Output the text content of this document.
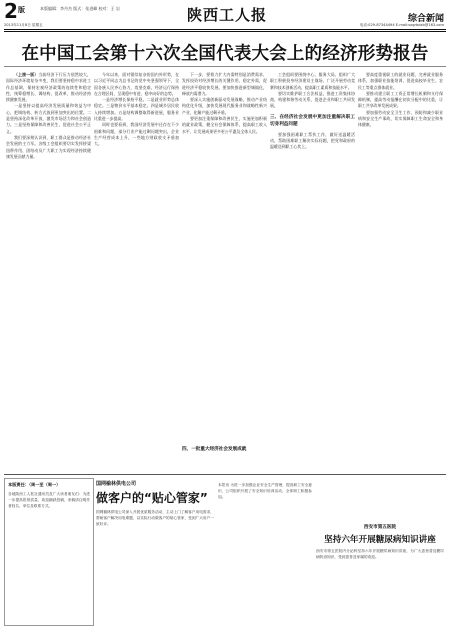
2 版	本版编辑：李丹杰 版式：张进峰 校对：王 岩
2013年11月8日 星期五
陕西工人报	综合新闻
电话:029-87344494 E-mail:sxgrbdzb@163.com
在中国工会第十六次全国代表大会上的经济形势报告

（上接一版）当前经济下行压力依然较大，国际经济环境复杂多变，我们要坚持稳中求进工作总基调，保持宏观经济政策的连续性和稳定性，统筹稳增长、调结构、促改革，推动经济持续健康发展。

一是坚持以提高经济发展质量和效益为中心，把调结构、转方式放到更加突出的位置。二是坚持深化改革开放，激发市场活力和社会创造力。三是坚持保障和改善民生，促进社会公平正义。

我们要深刻认识到，职工群众是推动经济社会发展的主力军。各级工会组织要切实发挥桥梁纽带作用，团结动员广大职工为实现经济持续健康发展贡献力量。

今年以来，面对错综复杂的国内外形势，在以习近平同志为总书记的党中央坚强领导下，全国各族人民齐心协力，攻坚克难，经济运行保持在合理区间，呈现稳中有进、稳中向好的态势。

一是经济增长保持平稳。二是就业形势总体稳定。三是物价水平基本稳定。四是城乡居民收入持续增加。五是结构调整取得新进展，服务业比重进一步提高。

同时也要看到，我国经济发展中还存在不少困难和问题，部分行业产能过剩问题突出，企业生产经营成本上升，一些地方财政收支矛盾加大。

下一步，要着力扩大内需特别是消费需求，发挥投资对经济增长的关键作用，稳定外需，促进经济平稳较快发展。要加快推进新型城镇化，释放内需潜力。

要深入实施创新驱动发展战略，推动产业结构优化升级，加快发展现代服务业和战略性新兴产业，化解产能过剩矛盾。

要更加注重保障和改善民生，实施更加积极的就业政策，健全社会保障体系，提高职工收入水平，让发展成果更多更公平惠及全体人民。

工会组织要围绕中心、服务大局，组织广大职工积极投身经济建设主战场，广泛开展劳动竞赛和技术创新活动，提高职工素质和技能水平。

要切实维护职工合法权益，推进工资集体协商，构建和谐劳动关系，促进企业和职工共同发展。

三、在经济社会发展中更加注重解决职工切身利益问题

要加强困难职工帮扶工作，做好送温暖活动，帮助困难职工解决实际问题，把党和政府的温暖送到职工心坎上。

要高度重视职工的就业问题，完善就业服务体系，加强职业技能培训，促进高校毕业生、农民工等重点群体就业。

要推动建立职工工资正常增长机制和支付保障机制，提高劳动报酬在初次分配中的比重，让职工共享改革发展成果。

要加强劳动安全卫生工作，预防和减少职业病和安全生产事故，切实保障职工生命安全和身体健康。

四、一批重大经济社会发展成就
本版责任：（周一至（周一）
各地陕西工人报社通讯员及广大读者朋友们：为进一步提高报纸质量，欢迎踊跃投稿，来稿请注明作者姓名、单位及联系方式。
国网榆林供电公司
做客户的“贴心管家”
国网榆林供电公司深入开展优质服务活动，主动上门了解客户用电需求，帮助客户解决用电难题，以实际行动做客户的贴心管家，受到广大用户一致好评。
本报讯 为进一步加强企业安全生产管理，提高职工安全意识，公司组织开展了安全知识培训活动，全体职工积极参加。
西安市第五医院
坚持六年开展糖尿病知识讲座
西安市第五医院内分泌科坚持六年开展糖尿病知识讲座，为广大患者普及糖尿病防治知识，受到患者及家属的欢迎。
